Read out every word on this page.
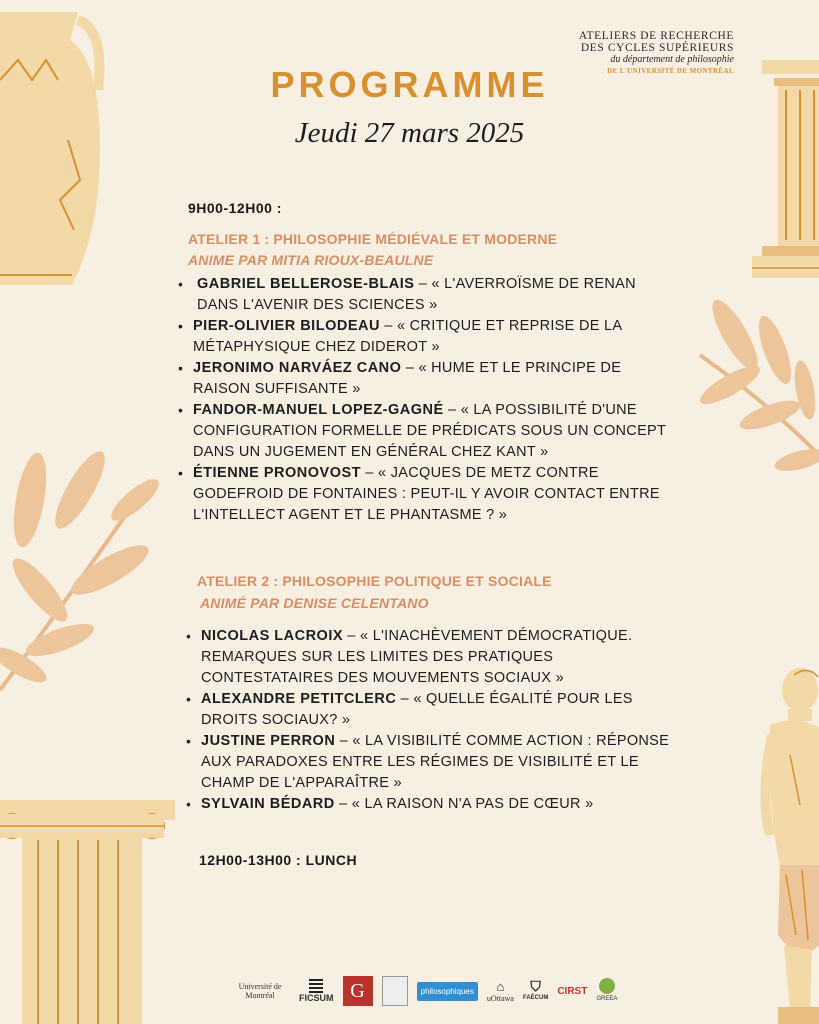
ATELIERS DE RECHERCHE
DES CYCLES SUPÉRIEURS
du département de philosophie
DE L'UNIVERSITÉ DE MONTRÉAL
PROGRAMME
Jeudi 27 mars 2025
9H00-12H00 :
ATELIER 1 : PHILOSOPHIE MÉDIÉVALE ET MODERNE
ANIME PAR MITIA RIOUX-BEAULNE
• GABRIEL BELLEROSE-BLAIS – « L'AVERROÏSME DE RENAN DANS L'AVENIR DES SCIENCES »
• PIER-OLIVIER BILODEAU – « CRITIQUE ET REPRISE DE LA MÉTAPHYSIQUE CHEZ DIDEROT »
• JERONIMO NARVÁEZ CANO – « HUME ET LE PRINCIPE DE RAISON SUFFISANTE »
• FANDOR-MANUEL LOPEZ-GAGNÉ – « LA POSSIBILITÉ D'UNE CONFIGURATION FORMELLE DE PRÉDICATS SOUS UN CONCEPT DANS UN JUGEMENT EN GÉNÉRAL CHEZ KANT »
• ÉTIENNE PRONOVOST – « JACQUES DE METZ CONTRE GODEFROID DE FONTAINES : PEUT-IL Y AVOIR CONTACT ENTRE L'INTELLECT AGENT ET LE PHANTASME ? »
ATELIER 2 : PHILOSOPHIE POLITIQUE ET SOCIALE
ANIMÉ PAR DENISE CELENTANO
• NICOLAS LACROIX – « L'INACHÈVEMENT DÉMOCRATIQUE. REMARQUES SUR LES LIMITES DES PRATIQUES CONTESTATAIRES DES MOUVEMENTS SOCIAUX »
• ALEXANDRE PETITCLERC – « QUELLE ÉGALITÉ POUR LES DROITS SOCIAUX? »
• JUSTINE PERRON – « LA VISIBILITÉ COMME ACTION : RÉPONSE AUX PARADOXES ENTRE LES RÉGIMES DE VISIBILITÉ ET LE CHAMP DE L'APPARAÎTRE »
• SYLVAIN BÉDARD – « LA RAISON N'A PAS DE CŒUR »
12H00-13H00 : LUNCH
Université de Montréal	FICSUM G	philosophiques	⌂
uOttawa
⛉
FAÉCUM
CIRST
GREEA
